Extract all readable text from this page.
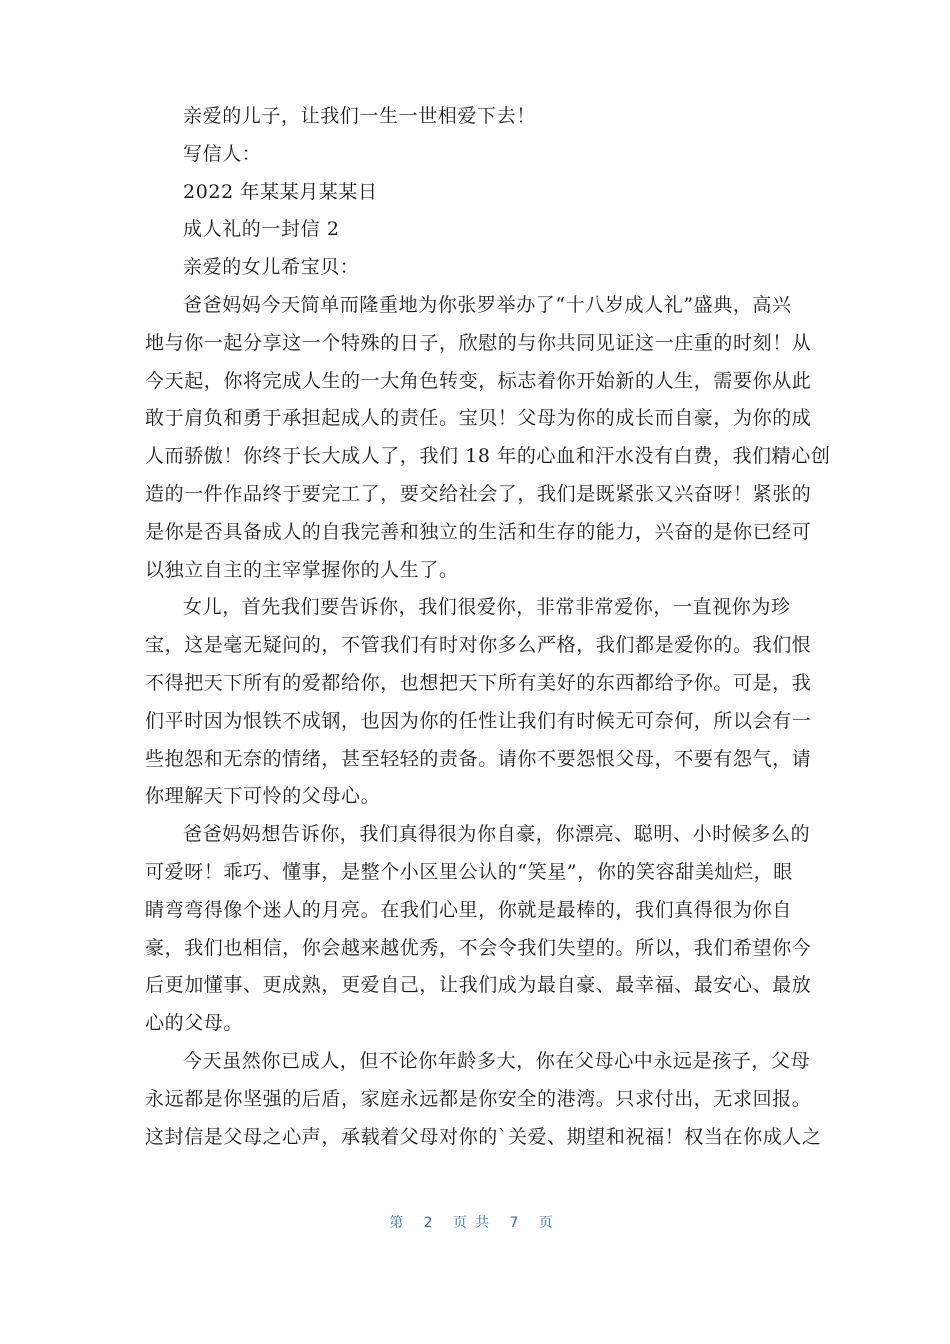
亲爱的儿子，让我们一生一世相爱下去！

写信人：

2022 年某某月某某日

成人礼的一封信 2

亲爱的女儿希宝贝：

爸爸妈妈今天简单而隆重地为你张罗举办了“十八岁成人礼”盛典，高兴

地与你一起分享这一个特殊的日子，欣慰的与你共同见证这一庄重的时刻！从

今天起，你将完成人生的一大角色转变，标志着你开始新的人生，需要你从此

敢于肩负和勇于承担起成人的责任。宝贝！父母为你的成长而自豪，为你的成

人而骄傲！你终于长大成人了，我们 18 年的心血和汗水没有白费，我们精心创

造的一件作品终于要完工了，要交给社会了，我们是既紧张又兴奋呀！紧张的

是你是否具备成人的自我完善和独立的生活和生存的能力，兴奋的是你已经可

以独立自主的主宰掌握你的人生了。

女儿，首先我们要告诉你，我们很爱你，非常非常爱你，一直视你为珍

宝，这是毫无疑问的，不管我们有时对你多么严格，我们都是爱你的。我们恨

不得把天下所有的爱都给你，也想把天下所有美好的东西都给予你。可是，我

们平时因为恨铁不成钢，也因为你的任性让我们有时候无可奈何，所以会有一

些抱怨和无奈的情绪，甚至轻轻的责备。请你不要怨恨父母，不要有怨气，请

你理解天下可怜的父母心。

爸爸妈妈想告诉你，我们真得很为你自豪，你漂亮、聪明、小时候多么的

可爱呀！乖巧、懂事，是整个小区里公认的“笑星”，你的笑容甜美灿烂，眼

睛弯弯得像个迷人的月亮。在我们心里，你就是最棒的，我们真得很为你自

豪，我们也相信，你会越来越优秀，不会令我们失望的。所以，我们希望你今

后更加懂事、更成熟，更爱自己，让我们成为最自豪、最幸福、最安心、最放

心的父母。

今天虽然你已成人，但不论你年龄多大，你在父母心中永远是孩子，父母

永远都是你坚强的后盾，家庭永远都是你安全的港湾。只求付出，无求回报。

这封信是父母之心声，承载着父母对你的`关爱、期望和祝福！权当在你成人之

第 2 页共 7 页
